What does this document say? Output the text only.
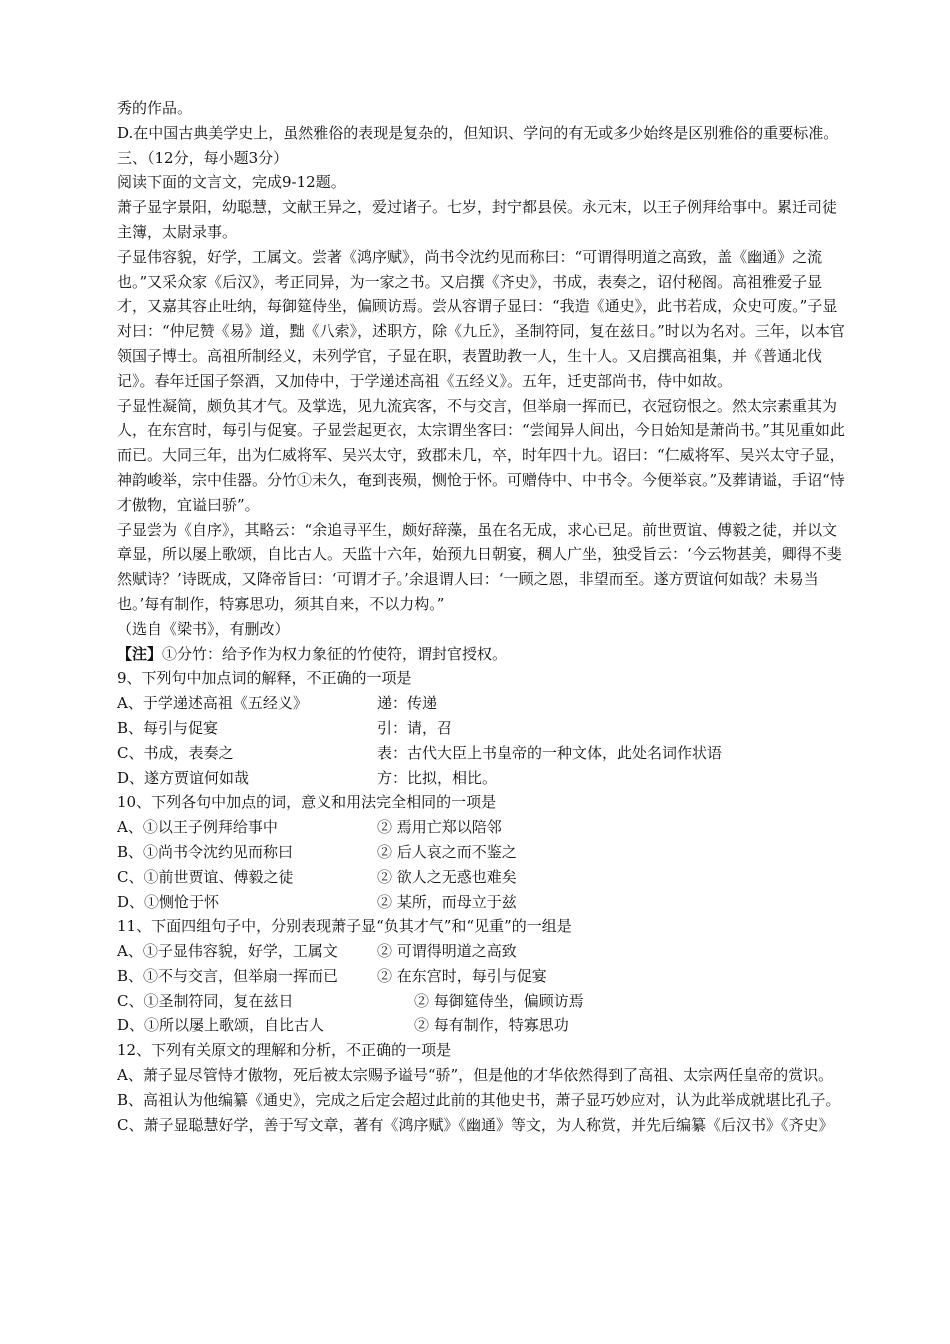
秀的作品。
D.在中国古典美学史上，虽然雅俗的表现是复杂的，但知识、学问的有无或多少始终是区别雅俗的重要标准。
三、（12分，每小题3分）
阅读下面的文言文，完成9-12题。
萧子显字景阳，幼聪慧，文献王异之，爱过诸子。七岁，封宁都县侯。永元末，以王子例拜给事中。累迁司徒主簿，太尉录事。
子显伟容貌，好学，工属文。尝著《鸿序赋》，尚书令沈约见而称曰：“可谓得明道之高致，盖《幽通》之流也。”又采众家《后汉》，考正同异，为一家之书。又启撰《齐史》，书成，表奏之，诏付秘阁。高祖雅爱子显才，又嘉其容止吐纳，每御筵侍坐，偏顾访焉。尝从容谓子显曰：“我造《通史》，此书若成，众史可废。”子显对曰：“仲尼赞《易》道，黜《八索》，述职方，除《九丘》，圣制符同，复在兹日。”时以为名对。三年，以本官领国子博士。高祖所制经义，未列学官，子显在职，表置助教一人，生十人。又启撰高祖集，并《普通北伐记》。春年迁国子祭酒，又加侍中，于学递述高祖《五经义》。五年，迁吏部尚书，侍中如故。
子显性凝简，颇负其才气。及掌选，见九流宾客，不与交言，但举扇一挥而已，衣冠窃恨之。然太宗素重其为人，在东宫时，每引与促宴。子显尝起更衣，太宗谓坐客曰：“尝闻异人间出，今日始知是萧尚书。”其见重如此而已。大同三年，出为仁威将军、吴兴太守，致郡未几，卒，时年四十九。诏曰：“仁威将军、吴兴太守子显，神韵峻举，宗中佳器。分竹①未久，奄到丧殒，恻怆于怀。可赠侍中、中书令。今便举哀。”及葬请谥，手诏“恃才傲物，宜谥曰骄”。
子显尝为《自序》，其略云：“余追寻平生，颇好辞藻，虽在名无成，求心已足。前世贾谊、傅毅之徒，并以文章显，所以屡上歌颂，自比古人。天监十六年，始预九日朝宴，稠人广坐，独受旨云：‘今云物甚美，卿得不斐然赋诗？’诗既成，又降帝旨曰：‘可谓才子。’余退谓人曰：‘一顾之恩，非望而至。遂方贾谊何如哉？未易当也。’每有制作，特寡思功，须其自来，不以力构。”
（选自《梁书》，有删改）
【注】①分竹：给予作为权力象征的竹使符，谓封官授权。
9、下列句中加点词的解释，不正确的一项是
A、于学递述高祖《五经义》	递：传递
B、每引与促宴	引：请，召
C、书成，表奏之	表：古代大臣上书皇帝的一种文体，此处名词作状语
D、遂方贾谊何如哉	方：比拟，相比。
10、下列各句中加点的词，意义和用法完全相同的一项是
A、①以王子例拜给事中	② 焉用亡郑以陪邻
B、①尚书令沈约见而称曰	② 后人哀之而不鉴之
C、①前世贾谊、傅毅之徒	② 欲人之无惑也难矣
D、①恻怆于怀	② 某所，而母立于兹
11、下面四组句子中，分别表现萧子显“负其才气”和“见重”的一组是
A、①子显伟容貌，好学，工属文	② 可谓得明道之高致
B、①不与交言，但举扇一挥而已	② 在东宫时，每引与促宴
C、①圣制符同，复在兹日	② 每御筵侍坐，偏顾访焉
D、①所以屡上歌颂，自比古人	② 每有制作，特寡思功
12、下列有关原文的理解和分析，不正确的一项是
A、萧子显尽管恃才傲物，死后被太宗赐予谥号“骄”，但是他的才华依然得到了高祖、太宗两任皇帝的赏识。
B、高祖认为他编纂《通史》，完成之后定会超过此前的其他史书，萧子显巧妙应对，认为此举成就堪比孔子。
C、萧子显聪慧好学，善于写文章，著有《鸿序赋》《幽通》等文，为人称赏，并先后编纂《后汉书》《齐史》
